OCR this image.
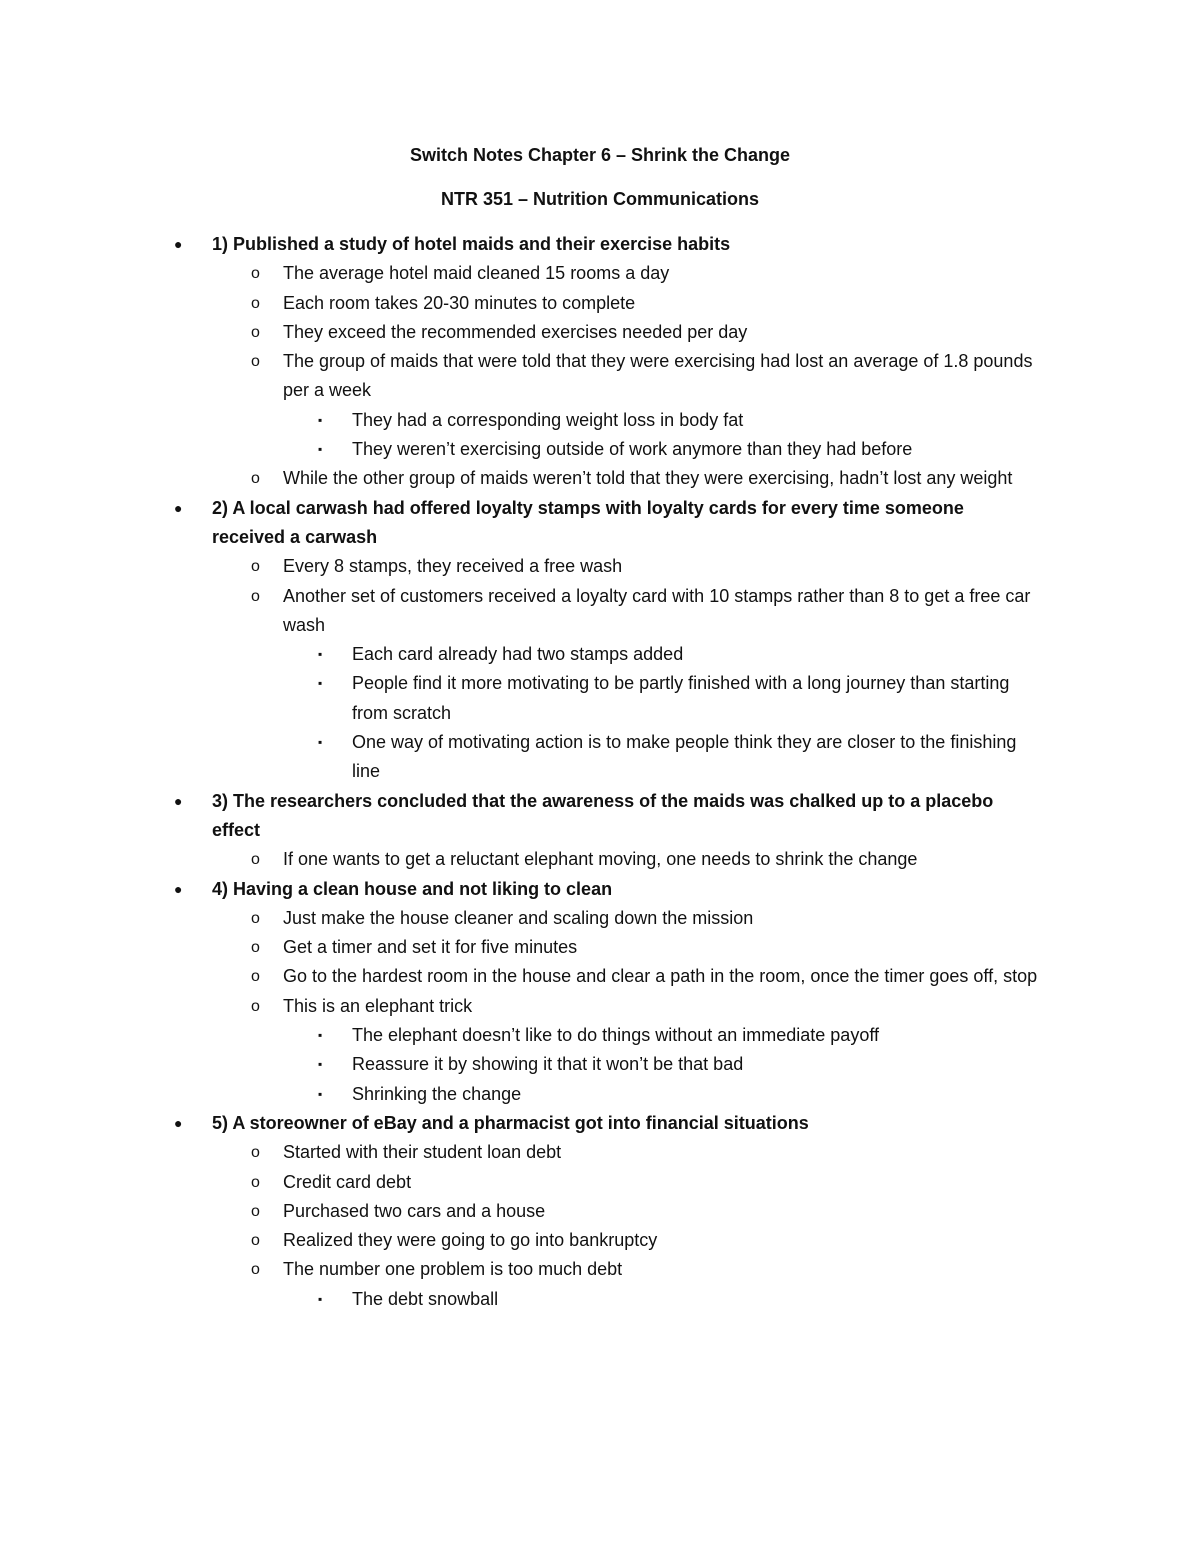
Switch Notes Chapter 6 – Shrink the Change
NTR 351 – Nutrition Communications
● 1) Published a study of hotel maids and their exercise habits
o The average hotel maid cleaned 15 rooms a day
o Each room takes 20-30 minutes to complete
o They exceed the recommended exercises needed per day
o The group of maids that were told that they were exercising had lost an average of 1.8 pounds per a week
▪ They had a corresponding weight loss in body fat
▪ They weren’t exercising outside of work anymore than they had before
o While the other group of maids weren’t told that they were exercising, hadn’t lost any weight
● 2) A local carwash had offered loyalty stamps with loyalty cards for every time someone received a carwash
o Every 8 stamps, they received a free wash
o Another set of customers received a loyalty card with 10 stamps rather than 8 to get a free car wash
▪ Each card already had two stamps added
▪ People find it more motivating to be partly finished with a long journey than starting from scratch
▪ One way of motivating action is to make people think they are closer to the finishing line
● 3) The researchers concluded that the awareness of the maids was chalked up to a placebo effect
o If one wants to get a reluctant elephant moving, one needs to shrink the change
● 4) Having a clean house and not liking to clean
o Just make the house cleaner and scaling down the mission
o Get a timer and set it for five minutes
o Go to the hardest room in the house and clear a path in the room, once the timer goes off, stop
o This is an elephant trick
▪ The elephant doesn’t like to do things without an immediate payoff
▪ Reassure it by showing it that it won’t be that bad
▪ Shrinking the change
● 5) A storeowner of eBay and a pharmacist got into financial situations
o Started with their student loan debt
o Credit card debt
o Purchased two cars and a house
o Realized they were going to go into bankruptcy
o The number one problem is too much debt
▪ The debt snowball
